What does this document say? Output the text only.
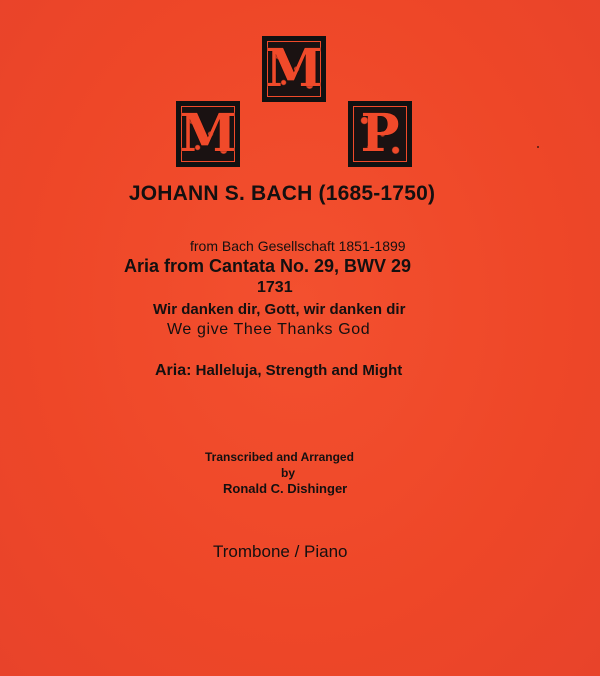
M
M P
JOHANN S. BACH (1685-1750)
from Bach Gesellschaft 1851-1899
Aria from Cantata No. 29, BWV 29
1731
Wir danken dir, Gott, wir danken dir
We give Thee Thanks God
Aria: Halleluja, Strength and Might
Transcribed and Arranged
by
Ronald C. Dishinger
Trombone / Piano
